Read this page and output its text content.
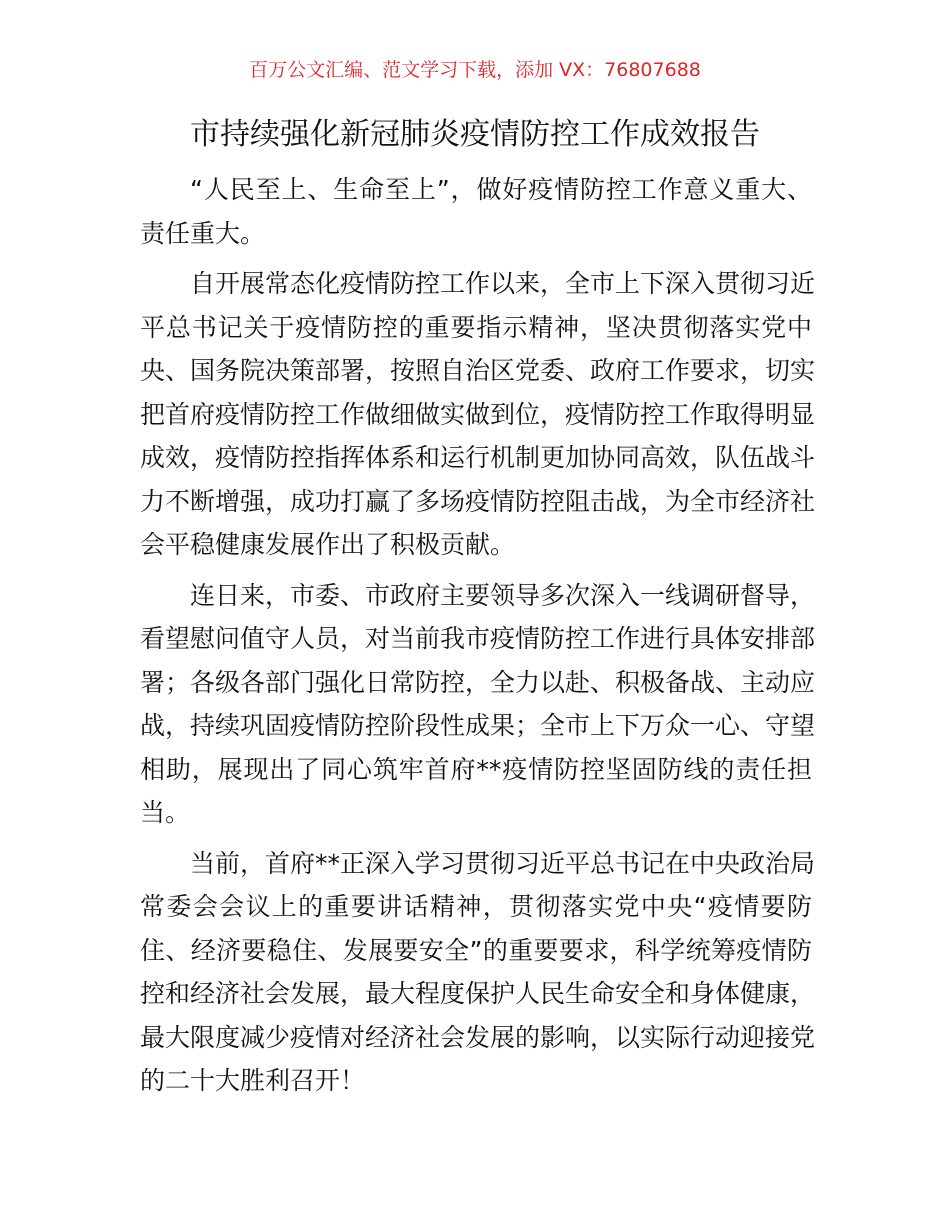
百万公文汇编、范文学习下载，添加 VX：76807688
市持续强化新冠肺炎疫情防控工作成效报告

“人民至上、生命至上”，做好疫情防控工作意义重大、
责任重大。

自开展常态化疫情防控工作以来，全市上下深入贯彻习近
平总书记关于疫情防控的重要指示精神，坚决贯彻落实党中
央、国务院决策部署，按照自治区党委、政府工作要求，切实
把首府疫情防控工作做细做实做到位，疫情防控工作取得明显
成效，疫情防控指挥体系和运行机制更加协同高效，队伍战斗
力不断增强，成功打赢了多场疫情防控阻击战，为全市经济社
会平稳健康发展作出了积极贡献。

连日来，市委、市政府主要领导多次深入一线调研督导，
看望慰问值守人员，对当前我市疫情防控工作进行具体安排部
署；各级各部门强化日常防控，全力以赴、积极备战、主动应
战，持续巩固疫情防控阶段性成果；全市上下万众一心、守望
相助，展现出了同心筑牢首府**疫情防控坚固防线的责任担
当。

当前，首府**正深入学习贯彻习近平总书记在中央政治局
常委会会议上的重要讲话精神，贯彻落实党中央“疫情要防
住、经济要稳住、发展要安全”的重要要求，科学统筹疫情防
控和经济社会发展，最大程度保护人民生命安全和身体健康，
最大限度减少疫情对经济社会发展的影响，以实际行动迎接党
的二十大胜利召开！
